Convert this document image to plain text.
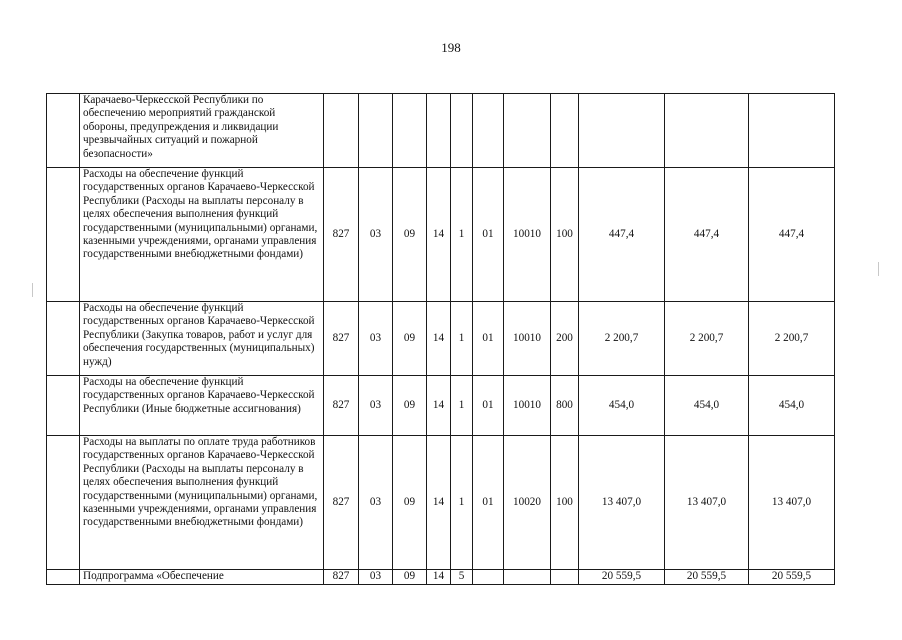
198
	Карачаево-Черкесской Республики по обеспечению мероприятий гражданской обороны, предупреждения и ликвидации чрезвычайных ситуаций и пожарной безопасности»											
	Расходы на обеспечение функций государственных органов Карачаево-Черкесской Республики (Расходы на выплаты персоналу в целях обеспечения выполнения функций государственными (муниципальными) органами, казенными учреждениями, органами управления государственными внебюджетными фондами)	827	03	09	14	1	01	10010	100	447,4	447,4	447,4
	Расходы на обеспечение функций государственных органов Карачаево-Черкесской Республики (Закупка товаров, работ и услуг для обеспечения государственных (муниципальных) нужд)	827	03	09	14	1	01	10010	200	2 200,7	2 200,7	2 200,7
	Расходы на обеспечение функций государственных органов Карачаево-Черкесской Республики (Иные бюджетные ассигнования)	827	03	09	14	1	01	10010	800	454,0	454,0	454,0
	Расходы на выплаты по оплате труда работников государственных органов Карачаево-Черкесской Республики (Расходы на выплаты персоналу в целях обеспечения выполнения функций государственными (муниципальными) органами, казенными учреждениями, органами управления государственными внебюджетными фондами)	827	03	09	14	1	01	10020	100	13 407,0	13 407,0	13 407,0
	Подпрограмма «Обеспечение	827	03	09	14	5				20 559,5	20 559,5	20 559,5
